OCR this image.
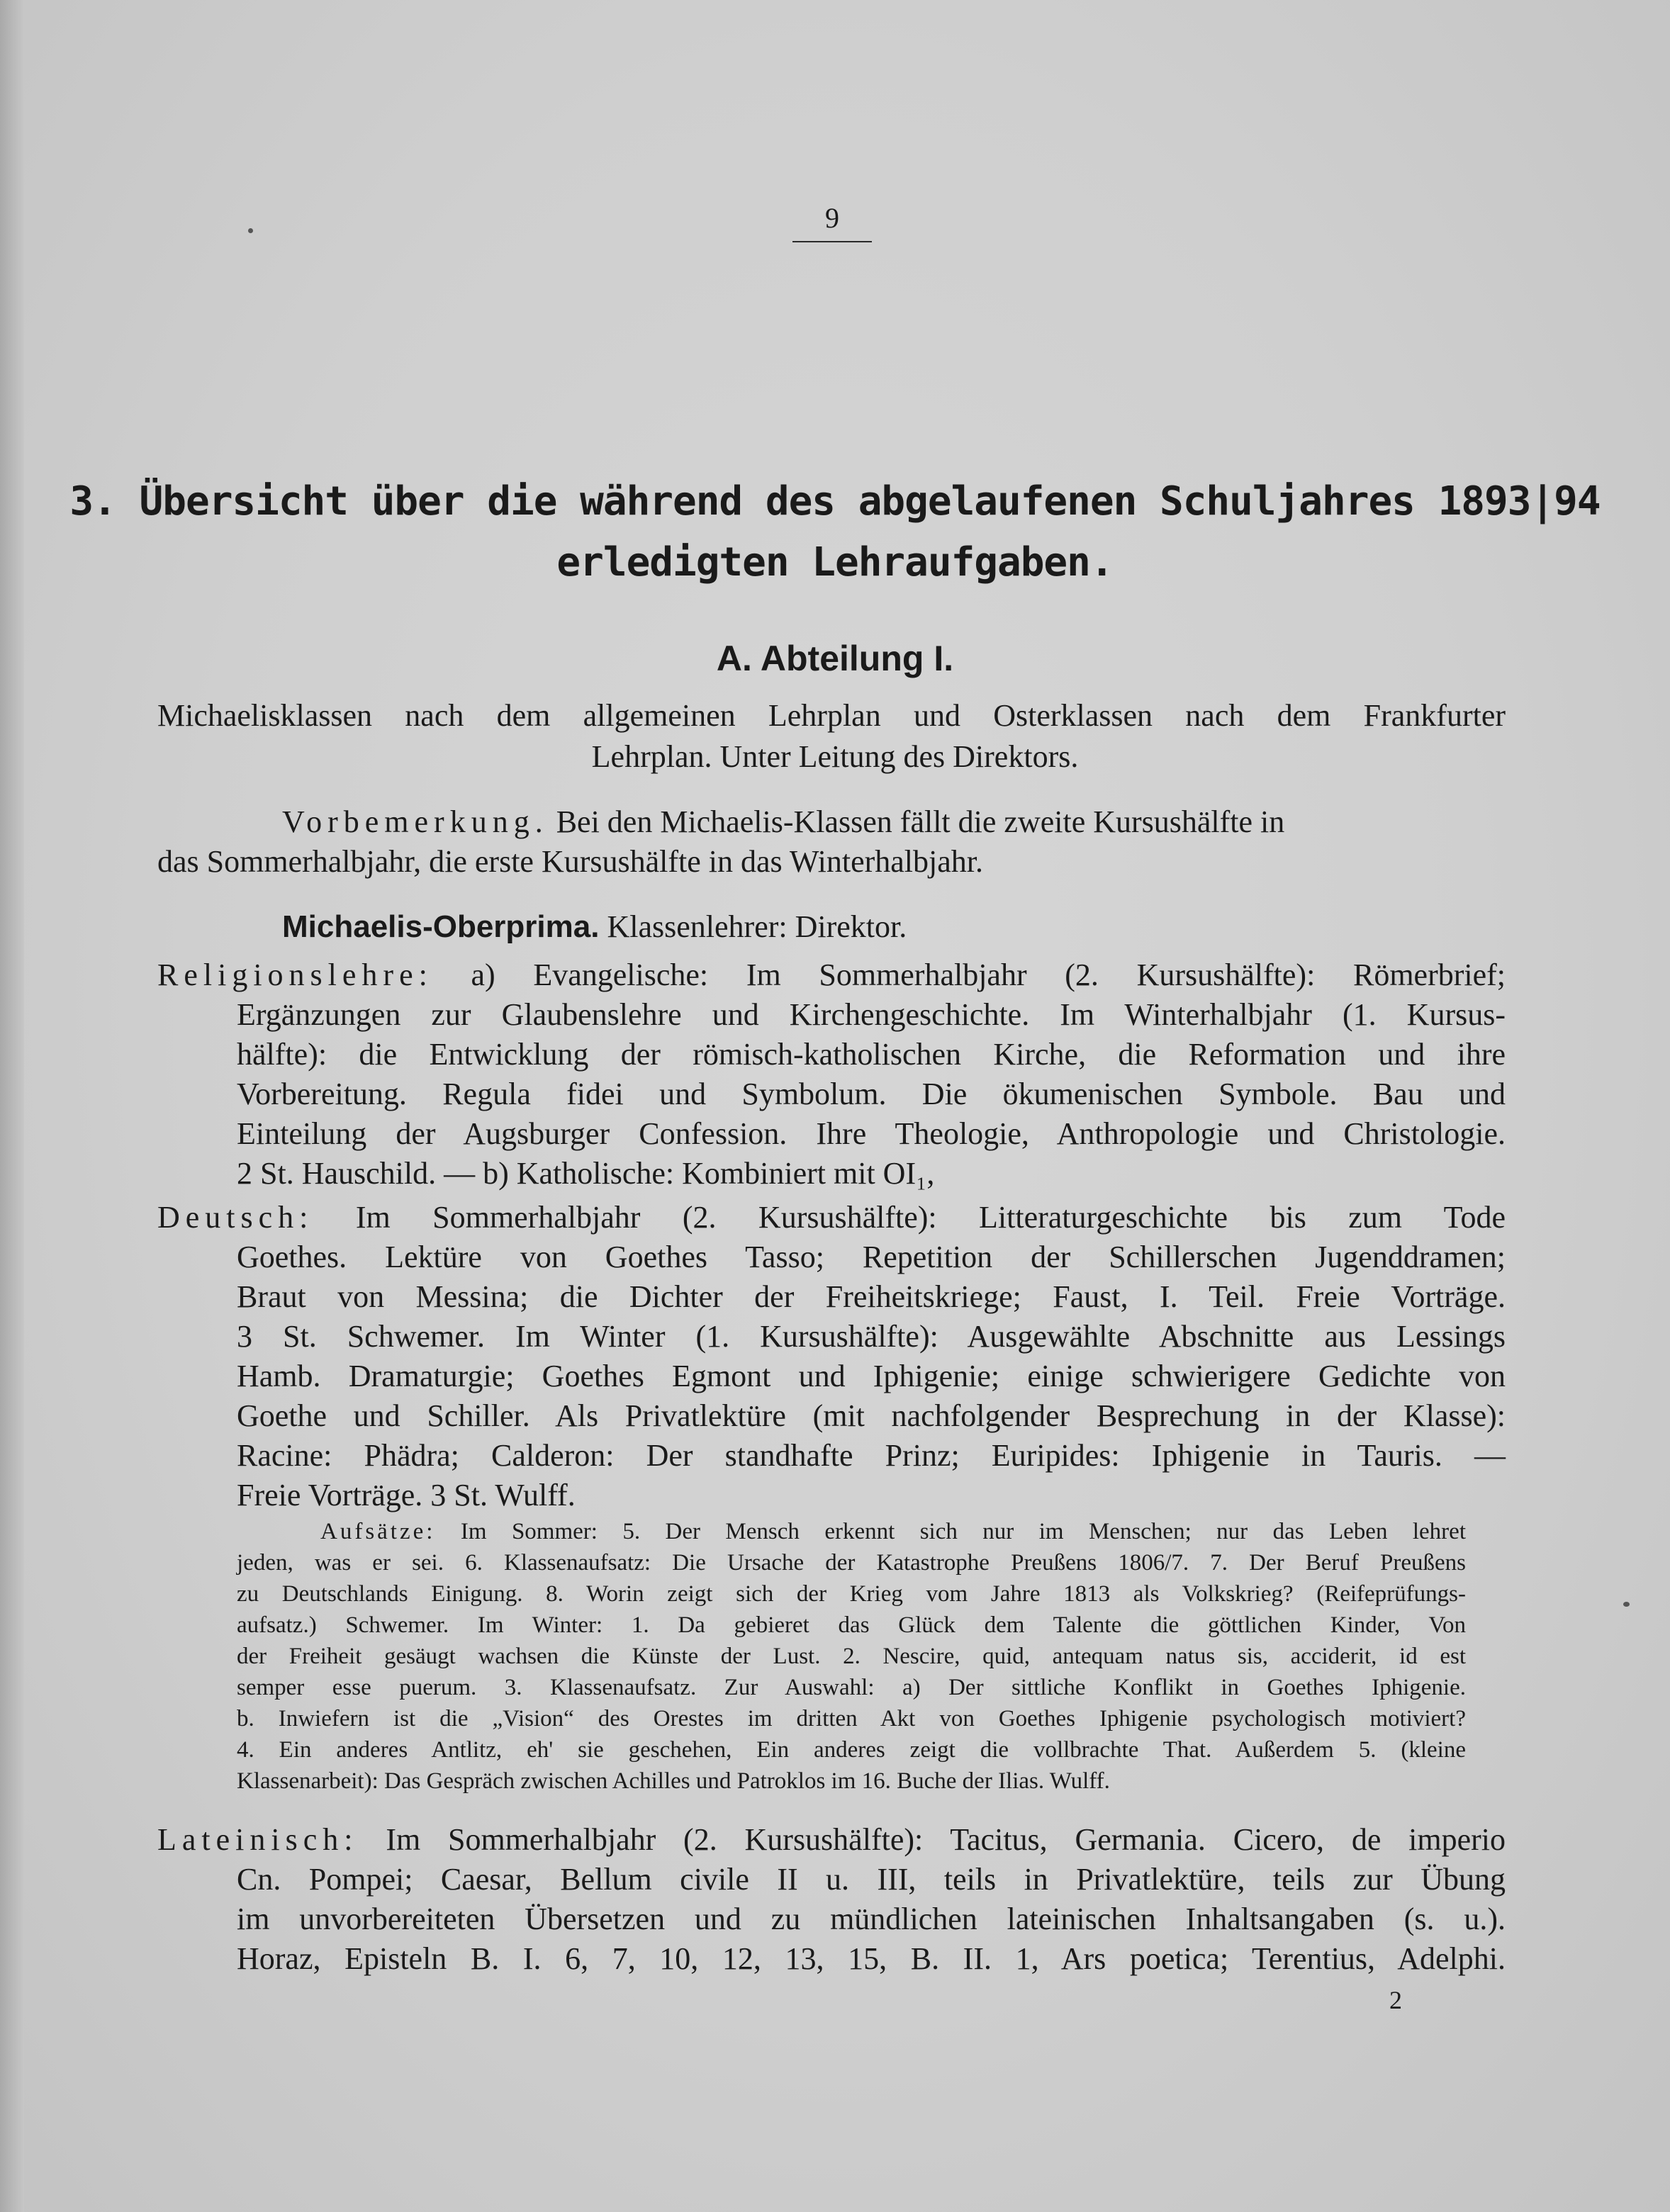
9
3. Übersicht über die während des abgelaufenen Schuljahres 1893|94
erledigten Lehraufgaben.
A. Abteilung I.
Michaelisklassen nach dem allgemeinen Lehrplan und Osterklassen nach dem Frankfurter
Lehrplan. Unter Leitung des Direktors.
Vorbemerkung. Bei den Michaelis-Klassen fällt die zweite Kursushälfte in
das Sommerhalbjahr, die erste Kursushälfte in das Winterhalbjahr.
Michaelis-Oberprima. Klassenlehrer: Direktor.
Religionslehre: a) Evangelische: Im Sommerhalbjahr (2. Kursushälfte): Römerbrief;
Ergänzungen zur Glaubenslehre und Kirchengeschichte. Im Winterhalbjahr (1. Kursus-
hälfte): die Entwicklung der römisch-katholischen Kirche, die Reformation und ihre
Vorbereitung. Regula fidei und Symbolum. Die ökumenischen Symbole. Bau und
Einteilung der Augsburger Confession. Ihre Theologie, Anthropologie und Christologie.
2 St. Hauschild. — b) Katholische: Kombiniert mit OI₁,
Deutsch: Im Sommerhalbjahr (2. Kursushälfte): Litteraturgeschichte bis zum Tode
Goethes. Lektüre von Goethes Tasso; Repetition der Schillerschen Jugenddramen;
Braut von Messina; die Dichter der Freiheitskriege; Faust, I. Teil. Freie Vorträge.
3 St. Schwemer. Im Winter (1. Kursushälfte): Ausgewählte Abschnitte aus Lessings
Hamb. Dramaturgie; Goethes Egmont und Iphigenie; einige schwierigere Gedichte von
Goethe und Schiller. Als Privatlektüre (mit nachfolgender Besprechung in der Klasse):
Racine: Phädra; Calderon: Der standhafte Prinz; Euripides: Iphigenie in Tauris. —
Freie Vorträge. 3 St. Wulff.
Aufsätze: Im Sommer: 5. Der Mensch erkennt sich nur im Menschen; nur das Leben lehret
jeden, was er sei. 6. Klassenaufsatz: Die Ursache der Katastrophe Preußens 1806/7. 7. Der Beruf Preußens
zu Deutschlands Einigung. 8. Worin zeigt sich der Krieg vom Jahre 1813 als Volkskrieg? (Reifeprüfungs-
aufsatz.) Schwemer. Im Winter: 1. Da gebieret das Glück dem Talente die göttlichen Kinder, Von
der Freiheit gesäugt wachsen die Künste der Lust. 2. Nescire, quid, antequam natus sis, acciderit, id est
semper esse puerum. 3. Klassenaufsatz. Zur Auswahl: a) Der sittliche Konflikt in Goethes Iphigenie.
b. Inwiefern ist die „Vision“ des Orestes im dritten Akt von Goethes Iphigenie psychologisch motiviert?
4. Ein anderes Antlitz, eh' sie geschehen, Ein anderes zeigt die vollbrachte That. Außerdem 5. (kleine
Klassenarbeit): Das Gespräch zwischen Achilles und Patroklos im 16. Buche der Ilias. Wulff.
Lateinisch: Im Sommerhalbjahr (2. Kursushälfte): Tacitus, Germania. Cicero, de imperio
Cn. Pompei; Caesar, Bellum civile II u. III, teils in Privatlektüre, teils zur Übung
im unvorbereiteten Übersetzen und zu mündlichen lateinischen Inhaltsangaben (s. u.).
Horaz, Episteln B. I. 6, 7, 10, 12, 13, 15, B. II. 1, Ars poetica; Terentius, Adelphi.
2
